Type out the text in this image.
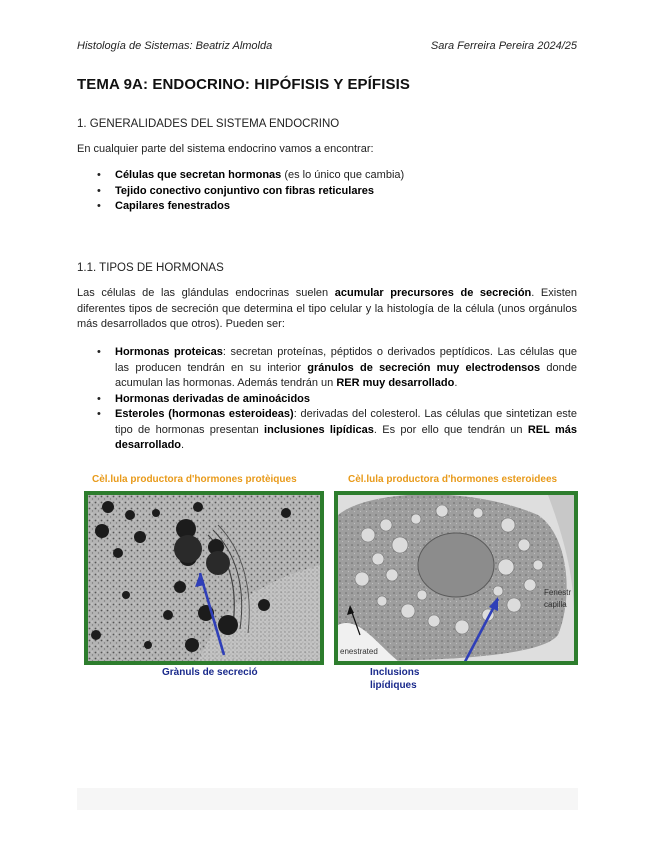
Histología de Sistemas: Beatriz Almolda	Sara Ferreira Pereira 2024/25
TEMA 9A: ENDOCRINO: HIPÓFISIS Y EPÍFISIS
1. GENERALIDADES DEL SISTEMA ENDOCRINO
En cualquier parte del sistema endocrino vamos a encontrar:
• Células que secretan hormonas (es lo único que cambia)
• Tejido conectivo conjuntivo con fibras reticulares
• Capilares fenestrados
1.1. TIPOS DE HORMONAS
Las células de las glándulas endocrinas suelen acumular precursores de secreción. Existen diferentes tipos de secreción que determina el tipo celular y la histología de la célula (unos orgánulos más desarrollados que otros). Pueden ser:
• Hormonas proteicas: secretan proteínas, péptidos o derivados peptídicos. Las células que las producen tendrán en su interior gránulos de secreción muy electrodensos donde acumulan las hormonas. Además tendrán un RER muy desarrollado.
• Hormonas derivadas de aminoácidos
• Esteroles (hormonas esteroideas): derivadas del colesterol. Las células que sintetizan este tipo de hormonas presentan inclusiones lipídicas. Es por ello que tendrán un REL más desarrollado.
Cèl.lula productora d'hormones protèiques	Cèl.lula productora d'hormones esteroidees
Fenestr
capilla
enestrated
Grànuls de secreció	Inclusions
lipídiques
